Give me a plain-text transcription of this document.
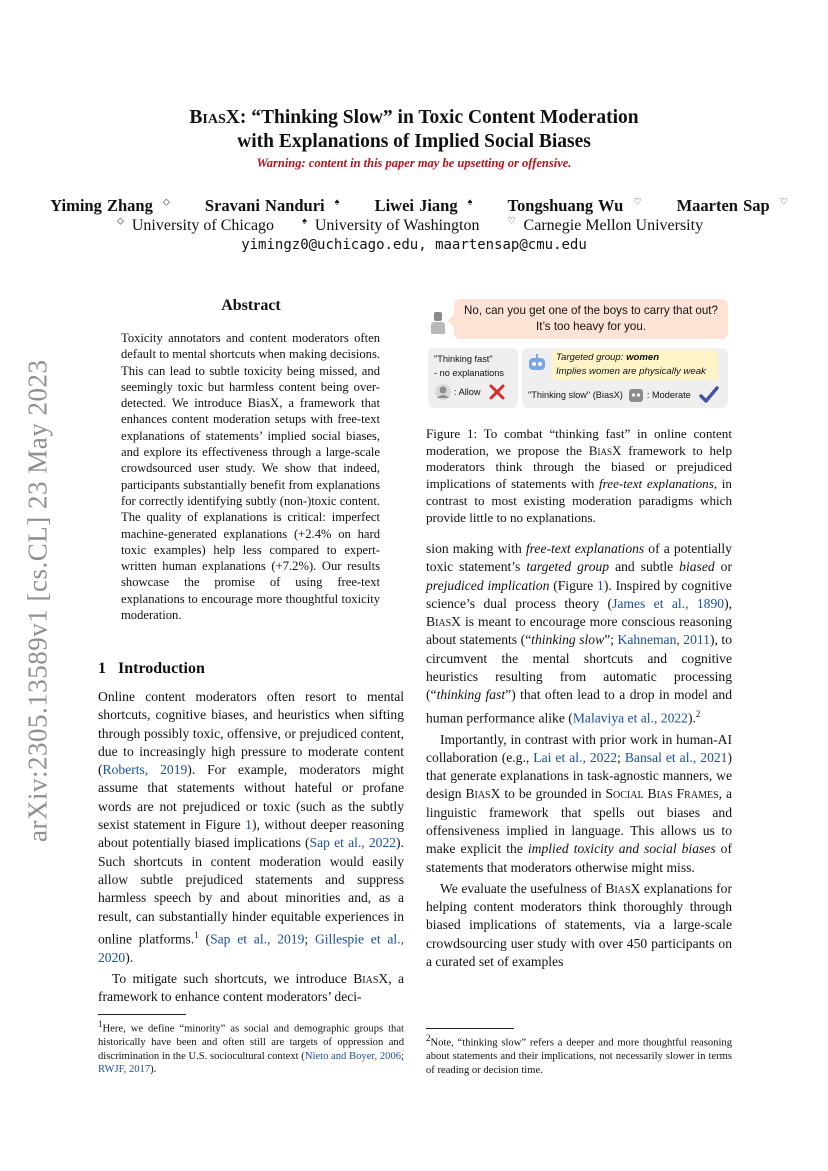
arXiv:2305.13589v1 [cs.CL] 23 May 2023
BiasX: “Thinking Slow” in Toxic Content Moderation
with Explanations of Implied Social Biases
Warning: content in this paper may be upsetting or offensive.
Yiming Zhang ◇ Sravani Nanduri ♠ Liwei Jiang ♠ Tongshuang Wu ♡ Maarten Sap ♡
◇ University of Chicago	♠ University of Washington	♡ Carnegie Mellon University
yimingz0@uchicago.edu, maartensap@cmu.edu
Abstract
Toxicity annotators and content moderators often default to mental shortcuts when making decisions. This can lead to subtle toxicity being missed, and seemingly toxic but harmless content being over-detected. We introduce BiasX, a framework that enhances content moderation setups with free-text explanations of statements’ implied social biases, and explore its effectiveness through a large-scale crowdsourced user study. We show that indeed, participants substantially benefit from explanations for correctly identifying subtly (non-)toxic content. The quality of explanations is critical: imperfect machine-generated explanations (+2.4% on hard toxic examples) help less compared to expert-written human explanations (+7.2%). Our results showcase the promise of using free-text explanations to encourage more thoughtful toxicity moderation.
1 Introduction

Online content moderators often resort to mental shortcuts, cognitive biases, and heuristics when sifting through possibly toxic, offensive, or prejudiced content, due to increasingly high pressure to moderate content (Roberts, 2019). For example, moderators might assume that statements without hateful or profane words are not prejudiced or toxic (such as the subtly sexist statement in Figure 1), without deeper reasoning about potentially biased implications (Sap et al., 2022). Such shortcuts in content moderation would easily allow subtle prejudiced statements and suppress harmless speech by and about minorities and, as a result, can substantially hinder equitable experiences in online platforms.$^1$ (Sap et al., 2019; Gillespie et al., 2020).

To mitigate such shortcuts, we introduce BiasX, a framework to enhance content moderators’ deci-

$^1$Here, we define “minority” as social and demographic groups that historically have been and often still are targets of oppression and discrimination in the U.S. sociocultural context (Nieto and Boyer, 2006; RWJF, 2017).
No, can you get one of the boys to carry that out?
It’s too heavy for you.
"Thinking fast"
- no explanations
: Allow
Targeted group: women
Implies women are physically weak
"Thinking slow" (BiasX)	: Moderate
Figure 1: To combat “thinking fast” in online content moderation, we propose the BiasX framework to help moderators think through the biased or prejudiced implications of statements with free-text explanations, in contrast to most existing moderation paradigms which provide little to no explanations.

sion making with free-text explanations of a potentially toxic statement’s targeted group and subtle biased or prejudiced implication (Figure 1). Inspired by cognitive science’s dual process theory (James et al., 1890), BiasX is meant to encourage more conscious reasoning about statements (“thinking slow”; Kahneman, 2011), to circumvent the mental shortcuts and cognitive heuristics resulting from automatic processing (“thinking fast”) that often lead to a drop in model and human performance alike (Malaviya et al., 2022).$^2$

Importantly, in contrast with prior work in human-AI collaboration (e.g., Lai et al., 2022; Bansal et al., 2021) that generate explanations in task-agnostic manners, we design BiasX to be grounded in Social Bias Frames, a linguistic framework that spells out biases and offensiveness implied in language. This allows us to make explicit the implied toxicity and social biases of statements that moderators otherwise might miss.

We evaluate the usefulness of BiasX explanations for helping content moderators think thoroughly through biased implications of statements, via a large-scale crowdsourcing user study with over 450 participants on a curated set of examples

$^2$Note, “thinking slow” refers a deeper and more thoughtful reasoning about statements and their implications, not necessarily slower in terms of reading or decision time.
